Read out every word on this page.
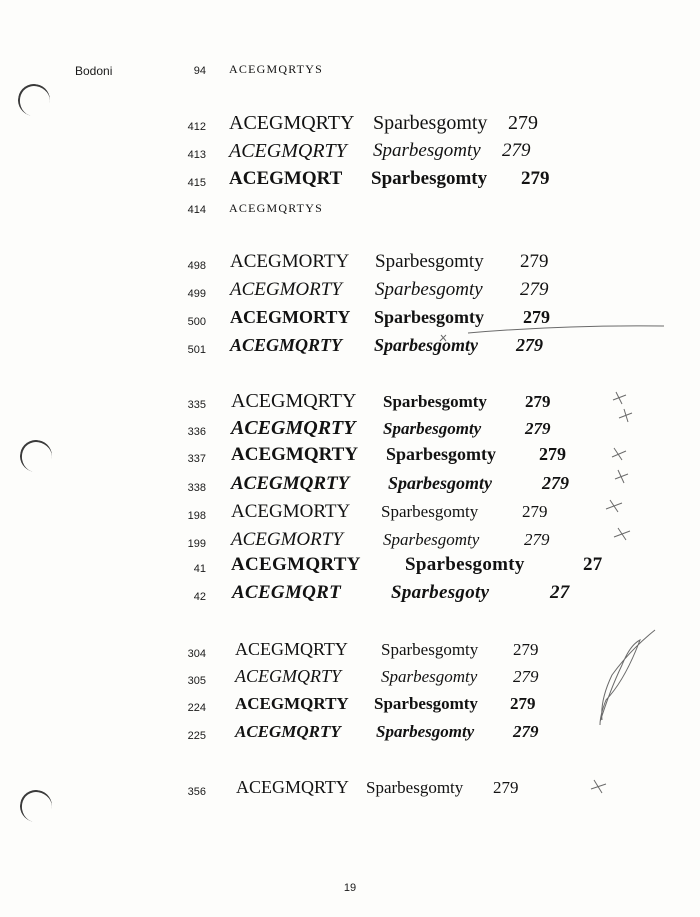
Bodoni	94 ACEGMQRTYS
412 ACEGMQRTY Sparbesgomty 279
413 ACEGMQRTY Sparbesgomty 279
415 ACEGMQRT Sparbesgomty 279
414 ACEGMQRTYS
498 ACEGMORTY Sparbesgomty 279
499 ACEGMORTY Sparbesgomty 279
500 ACEGMORTY Sparbesgomty 279
501 ACEGMQRTY Sparbesgomty 279
335 ACEGMQRTY Sparbesgomty 279
336 ACEGMQRTY Sparbesgomty	279
337 ACEGMQRTY Sparbesgomty 279
338 ACEGMQRTY Sparbesgomty	279
198 ACEGMORTY Sparbesgomty	279
199 ACEGMORTY Sparbesgomty	279
41 ACEGMQRTY Sparbesgomty	27
42 ACEGMQRT	Sparbesgoty	27
304 ACEGMQRTY Sparbesgomty 279
305 ACEGMQRTY Sparbesgomty 279
224 ACEGMQRTY Sparbesgomty 279
225 ACEGMQRTY Sparbesgomty 279
356 ACEGMQRTY Sparbesgomty 279
19
